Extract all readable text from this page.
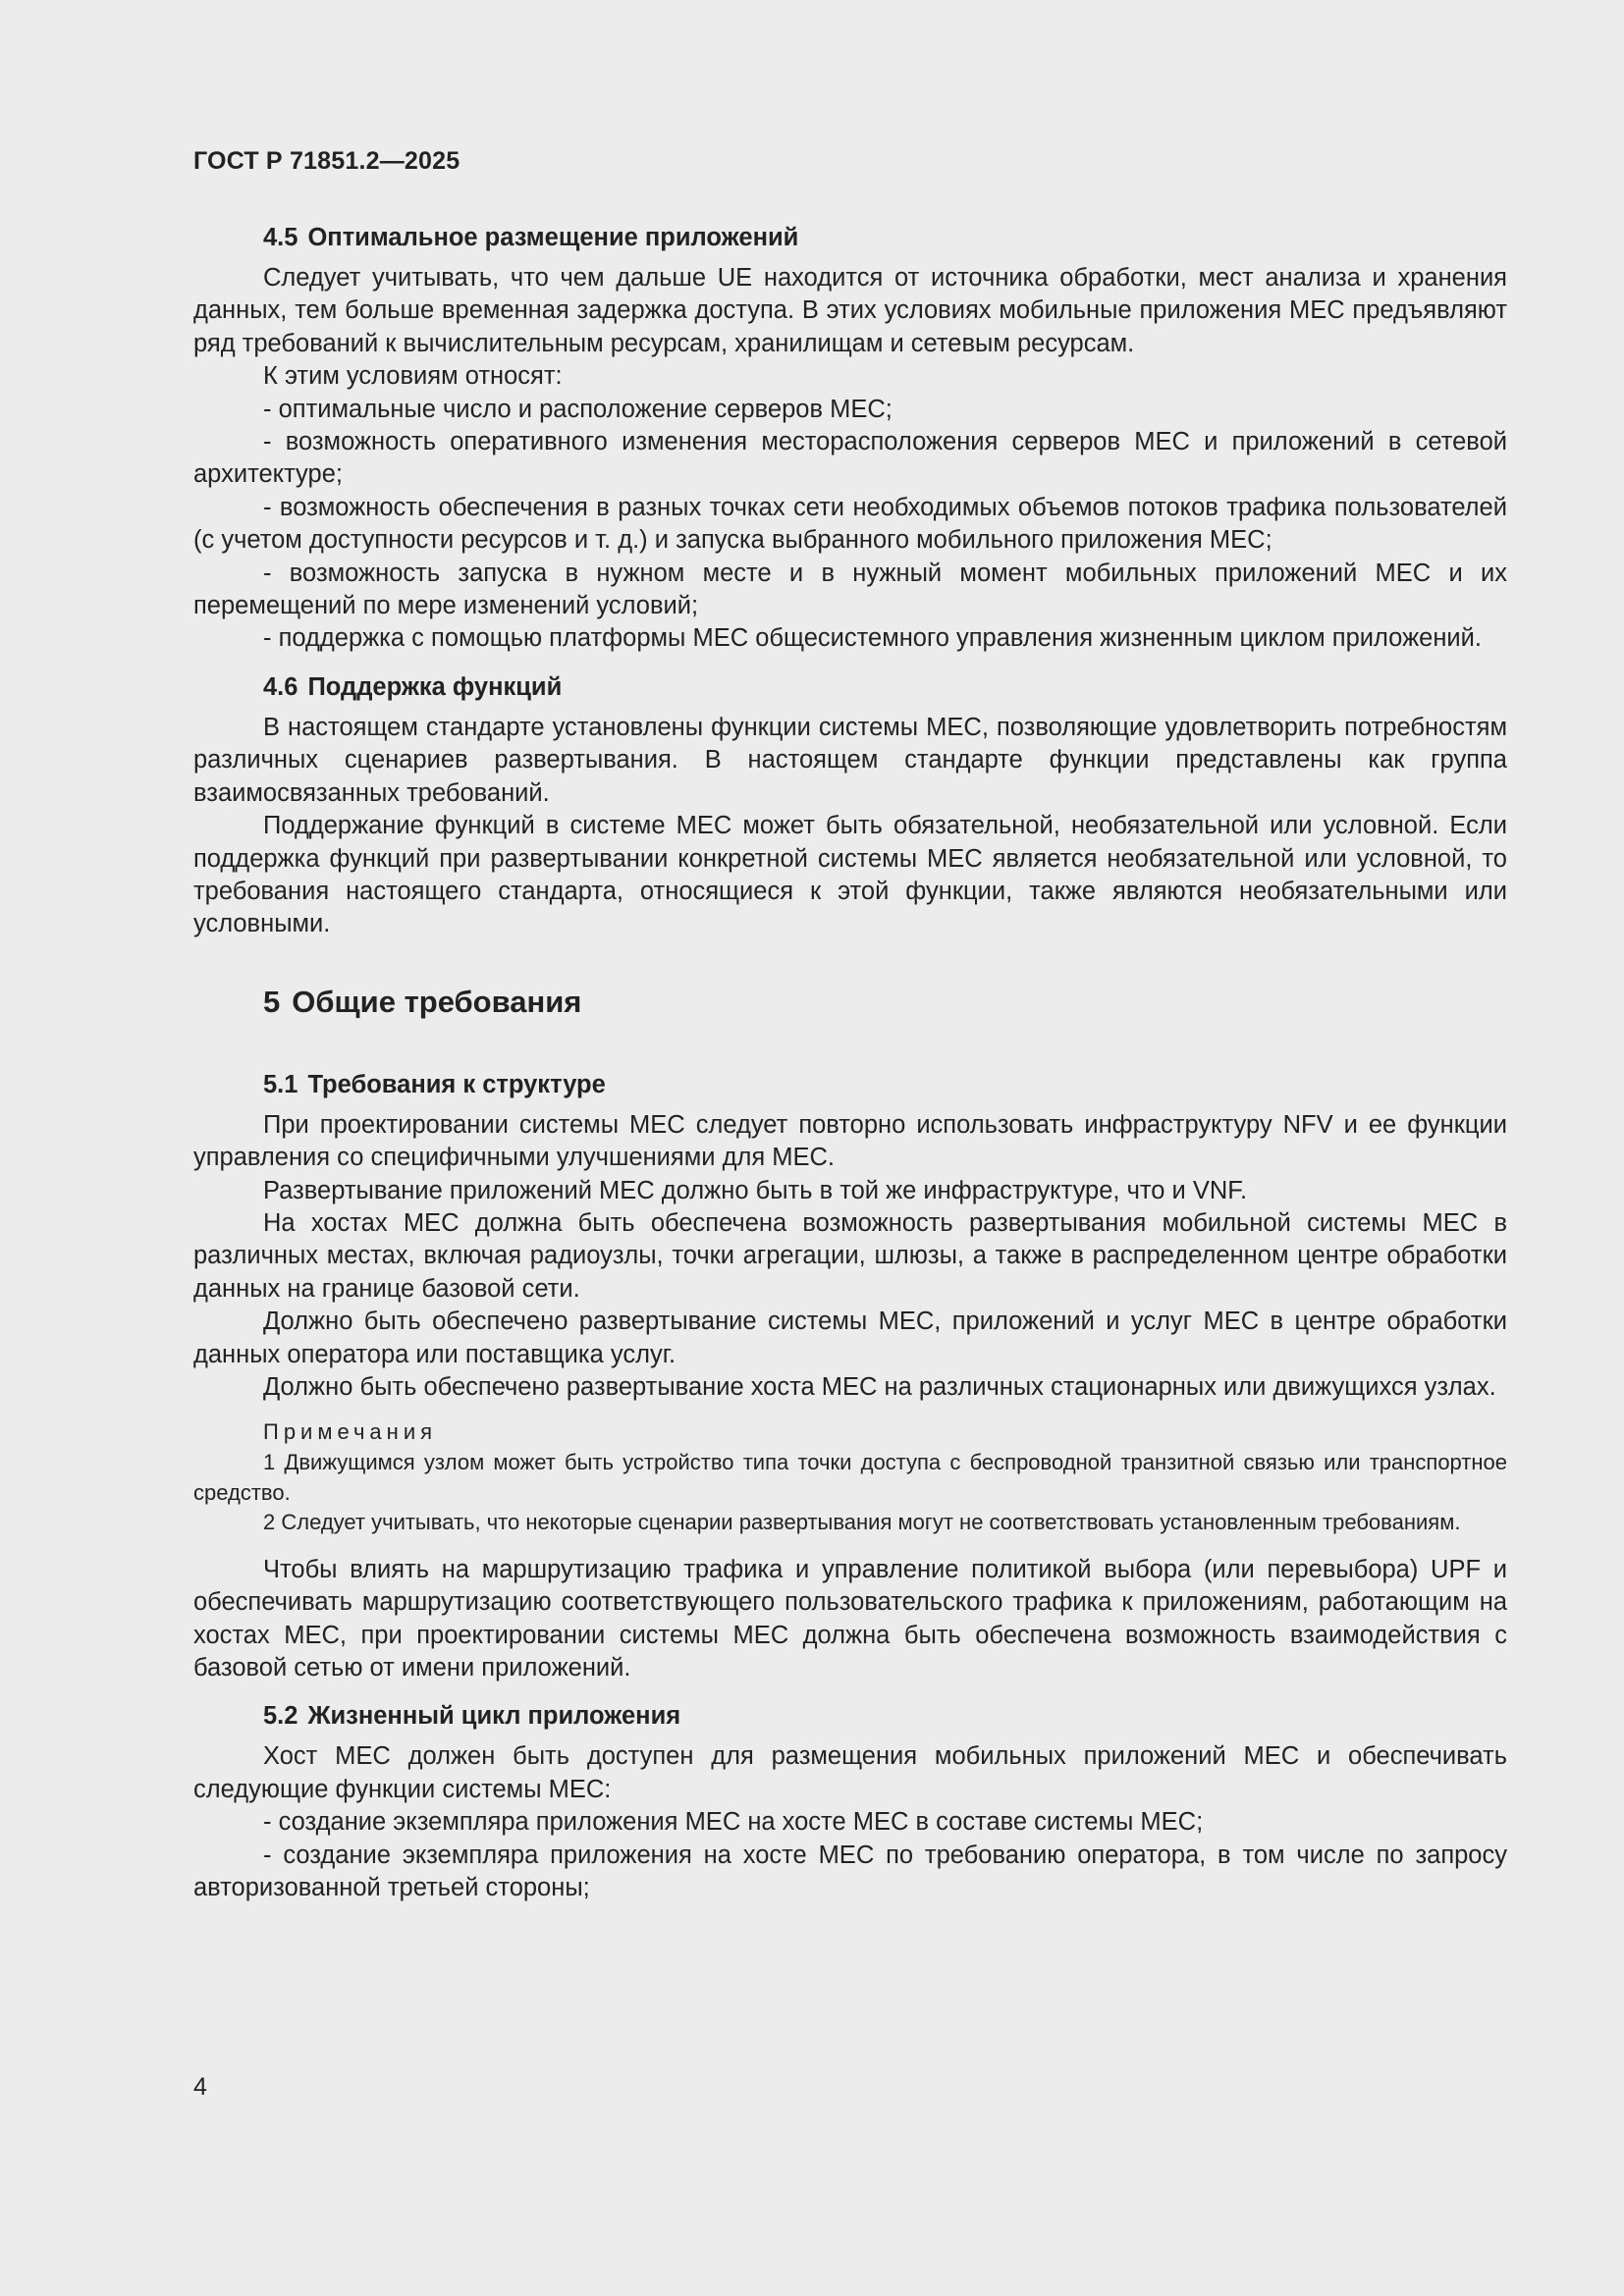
ГОСТ Р 71851.2—2025
4.5 Оптимальное размещение приложений

Следует учитывать, что чем дальше UE находится от источника обработки, мест анализа и хранения данных, тем больше временная задержка доступа. В этих условиях мобильные приложения МЕС предъявляют ряд требований к вычислительным ресурсам, хранилищам и сетевым ресурсам.

К этим условиям относят:

- оптимальные число и расположение серверов МЕС;

- возможность оперативного изменения месторасположения серверов МЕС и приложений в сетевой архитектуре;

- возможность обеспечения в разных точках сети необходимых объемов потоков трафика пользователей (с учетом доступности ресурсов и т. д.) и запуска выбранного мобильного приложения МЕС;

- возможность запуска в нужном месте и в нужный момент мобильных приложений МЕС и их перемещений по мере изменений условий;

- поддержка с помощью платформы МЕС общесистемного управления жизненным циклом приложений.

4.6 Поддержка функций

В настоящем стандарте установлены функции системы МЕС, позволяющие удовлетворить потребностям различных сценариев развертывания. В настоящем стандарте функции представлены как группа взаимосвязанных требований.

Поддержание функций в системе МЕС может быть обязательной, необязательной или условной. Если поддержка функций при развертывании конкретной системы МЕС является необязательной или условной, то требования настоящего стандарта, относящиеся к этой функции, также являются необязательными или условными.

5 Общие требования
5.1 Требования к структуре

При проектировании системы МЕС следует повторно использовать инфраструктуру NFV и ее функции управления со специфичными улучшениями для МЕС.

Развертывание приложений МЕС должно быть в той же инфраструктуре, что и VNF.

На хостах МЕС должна быть обеспечена возможность развертывания мобильной системы МЕС в различных местах, включая радиоузлы, точки агрегации, шлюзы, а также в распределенном центре обработки данных на границе базовой сети.

Должно быть обеспечено развертывание системы МЕС, приложений и услуг МЕС в центре обработки данных оператора или поставщика услуг.

Должно быть обеспечено развертывание хоста МЕС на различных стационарных или движущихся узлах.

Примечания

1 Движущимся узлом может быть устройство типа точки доступа с беспроводной транзитной связью или транспортное средство.

2 Следует учитывать, что некоторые сценарии развертывания могут не соответствовать установленным требованиям.

Чтобы влиять на маршрутизацию трафика и управление политикой выбора (или перевыбора) UPF и обеспечивать маршрутизацию соответствующего пользовательского трафика к приложениям, работающим на хостах МЕС, при проектировании системы МЕС должна быть обеспечена возможность взаимодействия с базовой сетью от имени приложений.

5.2 Жизненный цикл приложения

Хост МЕС должен быть доступен для размещения мобильных приложений МЕС и обеспечивать следующие функции системы МЕС:

- создание экземпляра приложения МЕС на хосте МЕС в составе системы МЕС;

- создание экземпляра приложения на хосте МЕС по требованию оператора, в том числе по запросу авторизованной третьей стороны;

4
